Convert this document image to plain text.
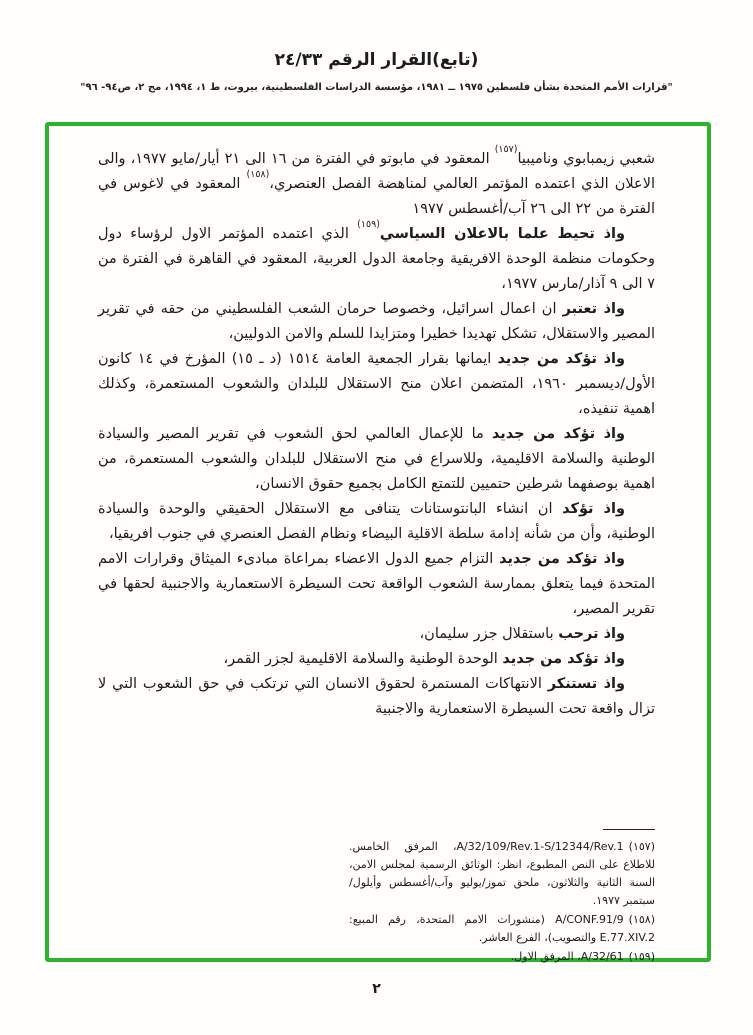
(تابع)القرار الرقم ٢٤/٣٣
"قرارات الأمم المتحدة بشأن فلسطين ١٩٧٥ ــ ١٩٨١، مؤسسة الدراسات الفلسطينية، بيروت، ط ١، ١٩٩٤، مج ٢، ص٩٤- ٩٦"

شعبي زيمبابوي وناميبيا$^{(١٥٧)}$ المعقود في مابوتو في الفترة من ١٦ الى ٢١ أيار/مايو ١٩٧٧، والى الاعلان الذي اعتمده المؤتمر العالمي لمناهضة الفصل العنصري،$^{(١٥٨)}$ المعقود في لاغوس في الفترة من ٢٢ الى ٢٦ آب/أغسطس ١٩٧٧

واذ تحيط علما بالاعلان السياسي$^{(١٥٩)}$ الذي اعتمده المؤتمر الاول لرؤساء دول وحكومات منظمة الوحدة الافريقية وجامعة الدول العربية، المعقود في القاهرة في الفترة من ٧ الى ٩ آذار/مارس ١٩٧٧،

واذ تعتبر ان اعمال اسرائيل، وخصوصا حرمان الشعب الفلسطيني من حقه في تقرير المصير والاستقلال، تشكل تهديدا خطيرا ومتزايدا للسلم والامن الدوليين،

واذ تؤكد من جديد ايمانها بقرار الجمعية العامة ١٥١٤ (د ـ ١٥) المؤرخ في ١٤ كانون الأول/ديسمبر ١٩٦٠، المتضمن اعلان منح الاستقلال للبلدان والشعوب المستعمرة، وكذلك اهمية تنفيذه،

واذ تؤكد من جديد ما للإعمال العالمي لحق الشعوب في تقرير المصير والسيادة الوطنية والسلامة الاقليمية، وللاسراع في منح الاستقلال للبلدان والشعوب المستعمرة، من اهمية بوصفهما شرطين حتميين للتمتع الكامل بجميع حقوق الانسان،

واذ تؤكد ان انشاء البانتوستانات يتنافى مع الاستقلال الحقيقي والوحدة والسيادة الوطنية، وأن من شأنه إدامة سلطة الاقلية البيضاء ونظام الفصل العنصري في جنوب افريقيا،

واذ تؤكد من جديد التزام جميع الدول الاعضاء بمراعاة مبادىء الميثاق وقرارات الامم المتحدة فيما يتعلق بممارسة الشعوب الواقعة تحت السيطرة الاستعمارية والاجنبية لحقها في تقرير المصير،

واذ ترحب باستقلال جزر سليمان،

واذ تؤكد من جديد الوحدة الوطنية والسلامة الاقليمية لجزر القمر،

واذ تستنكر الانتهاكات المستمرة لحقوق الانسان التي ترتكب في حق الشعوب التي لا تزال واقعة تحت السيطرة الاستعمارية والاجنبية

(١٥٧)A/32/109/Rev.1-S/12344/Rev.1، المرفق الخامس. للاطلاع على النص المطبوع، انظر: الوثائق الرسمية لمجلس الامن، السنة الثانية والثلاثون، ملحق تموز/يوليو وآب/أغسطس وأيلول/سبتمبر ١٩٧٧.
(١٥٨)A/CONF.91/9 (منشورات الامم المتحدة، رقم المبيع: E.77.XIV.2 والتصويب)، الفرع العاشر.
(١٥٩)A/32/61، المرفق الاول.
٢
